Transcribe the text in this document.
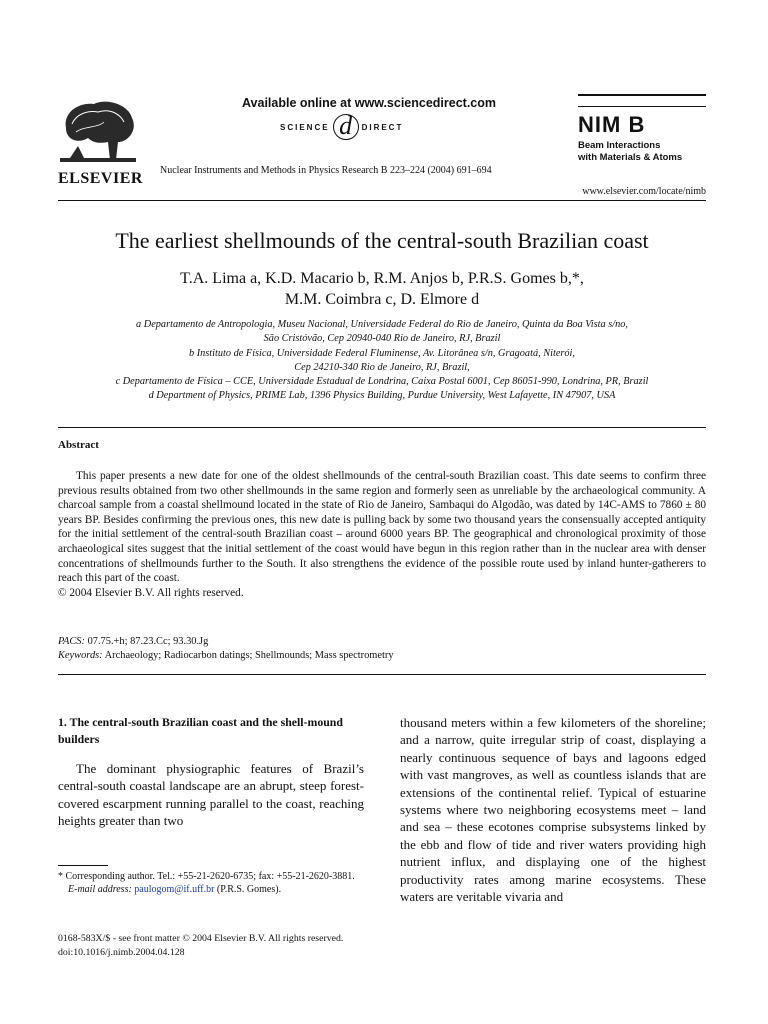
ELSEVIER
Available online at www.sciencedirect.com
SCIENCE d	DIRECT
Nuclear Instruments and Methods in Physics Research B 223–224 (2004) 691–694
NIM B
Beam Interactions
with Materials & Atoms
www.elsevier.com/locate/nimb
The earliest shellmounds of the central-south Brazilian coast
T.A. Lima a, K.D. Macario b, R.M. Anjos b, P.R.S. Gomes b,*,
M.M. Coimbra c, D. Elmore d
a Departamento de Antropologia, Museu Nacional, Universidade Federal do Rio de Janeiro, Quinta da Boa Vista s/no,
São Cristóvão, Cep 20940-040 Rio de Janeiro, RJ, Brazil
b Instituto de Física, Universidade Federal Fluminense, Av. Litorânea s/n, Gragoatá, Niterói,
Cep 24210-340 Rio de Janeiro, RJ, Brazil,
c Departamento de Física – CCE, Universidade Estadual de Londrina, Caixa Postal 6001, Cep 86051-990, Londrina, PR, Brazil
d Department of Physics, PRIME Lab, 1396 Physics Building, Purdue University, West Lafayette, IN 47907, USA
Abstract

This paper presents a new date for one of the oldest shellmounds of the central-south Brazilian coast. This date seems to confirm three previous results obtained from two other shellmounds in the same region and formerly seen as unreliable by the archaeological community. A charcoal sample from a coastal shellmound located in the state of Rio de Janeiro, Sambaqui do Algodão, was dated by 14C-AMS to 7860 ± 80 years BP. Besides confirming the previous ones, this new date is pulling back by some two thousand years the consensually accepted antiquity for the initial settlement of the central-south Brazilian coast – around 6000 years BP. The geographical and chronological proximity of those archaeological sites suggest that the initial settlement of the coast would have begun in this region rather than in the nuclear area with denser concentrations of shellmounds further to the South. It also strengthens the evidence of the possible route used by inland hunter-gatherers to reach this part of the coast.

© 2004 Elsevier B.V. All rights reserved.

PACS: 07.75.+h; 87.23.Cc; 93.30.Jg
Keywords: Archaeology; Radiocarbon datings; Shellmounds; Mass spectrometry
1. The central-south Brazilian coast and the shell-mound builders

The dominant physiographic features of Brazil’s central-south coastal landscape are an abrupt, steep forest-covered escarpment running parallel to the coast, reaching heights greater than two

* Corresponding author. Tel.: +55-21-2620-6735; fax: +55-21-2620-3881.
E-mail address: paulogom@if.uff.br (P.R.S. Gomes).
thousand meters within a few kilometers of the shoreline; and a narrow, quite irregular strip of coast, displaying a nearly continuous sequence of bays and lagoons edged with vast mangroves, as well as countless islands that are extensions of the continental relief. Typical of estuarine systems where two neighboring ecosystems meet – land and sea – these ecotones comprise subsystems linked by the ebb and flow of tide and river waters providing high nutrient influx, and displaying one of the highest productivity rates among marine ecosystems. These waters are veritable vivaria and
0168-583X/$ - see front matter © 2004 Elsevier B.V. All rights reserved.
doi:10.1016/j.nimb.2004.04.128
